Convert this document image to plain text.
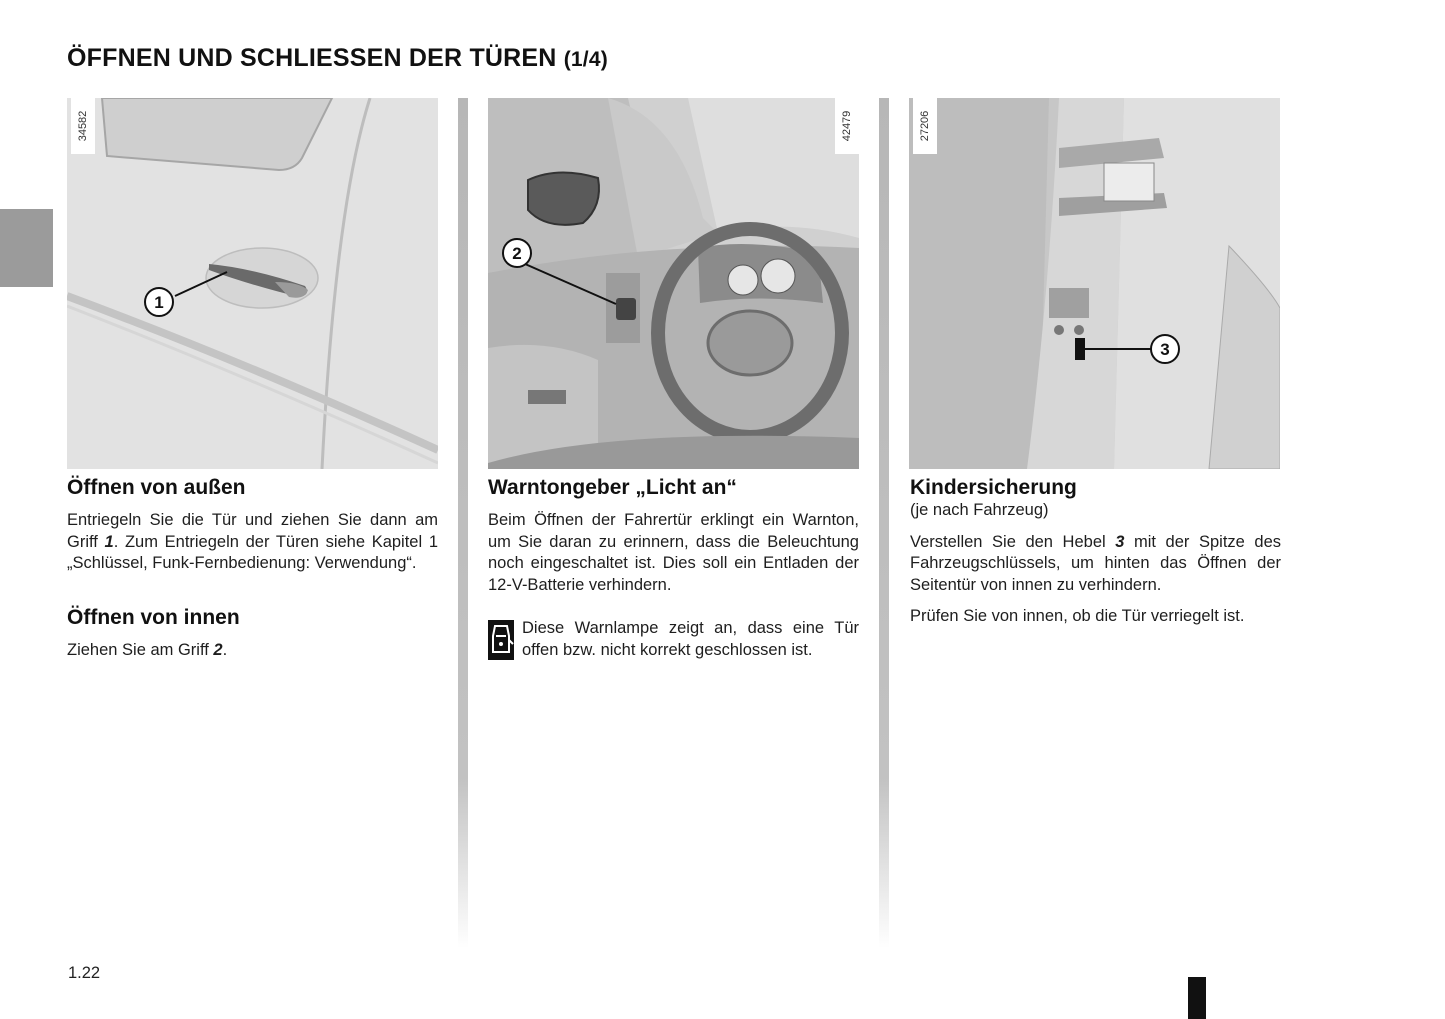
ÖFFNEN UND SCHLIESSEN DER TÜREN (1/4)
1
34582
2
42479
3
27206
Öffnen von außen

Entriegeln Sie die Tür und ziehen Sie dann am Griff 1. Zum Entriegeln der Türen siehe Kapitel 1 „Schlüssel, Funk-Fernbedienung: Verwendung“.

Öffnen von innen

Ziehen Sie am Griff 2.

Warntongeber „Licht an“

Beim Öffnen der Fahrertür erklingt ein Warnton, um Sie daran zu erinnern, dass die Beleuchtung noch eingeschaltet ist. Dies soll ein Entladen der 12-V-Batterie verhindern.

Diese Warnlampe zeigt an, dass eine Tür offen bzw. nicht korrekt geschlossen ist.

Kindersicherung

(je nach Fahrzeug)

Verstellen Sie den Hebel 3 mit der Spitze des Fahrzeugschlüssels, um hinten das Öffnen der Seitentür von innen zu verhindern.

Prüfen Sie von innen, ob die Tür verriegelt ist.

1.22
